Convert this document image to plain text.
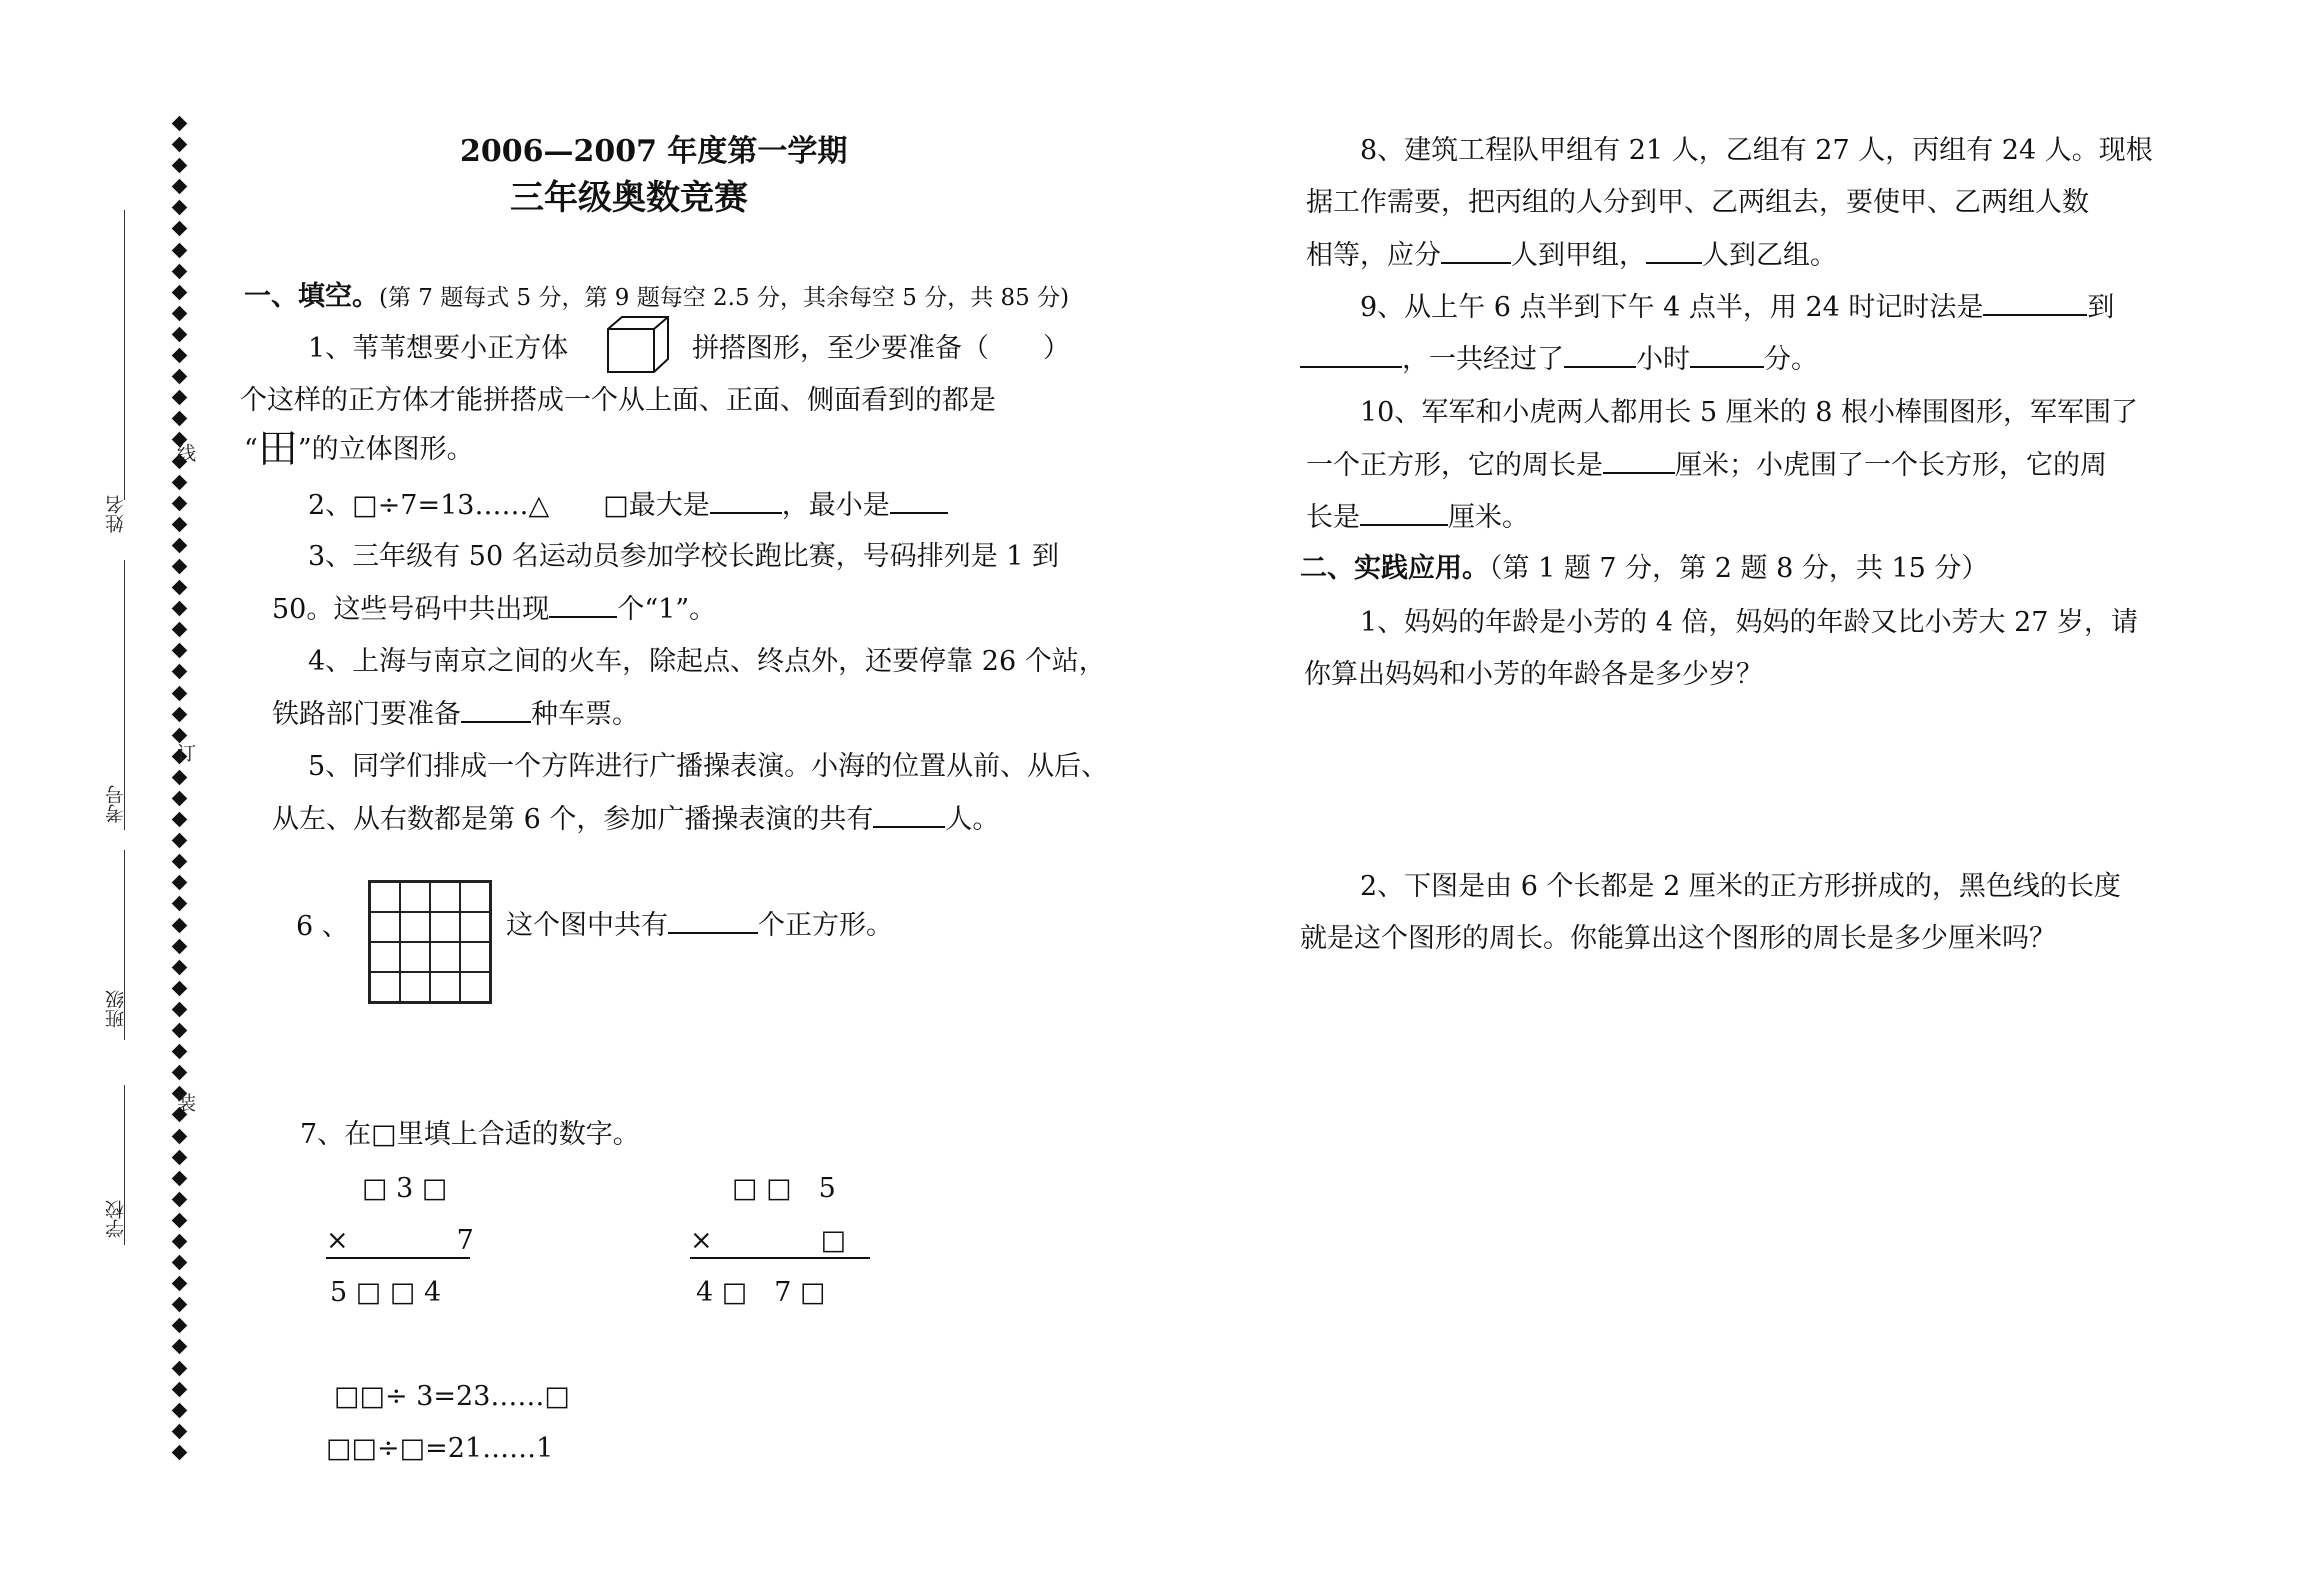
姓名
考号
班级
学校
线
订
装
2006—2007 年度第一学期
三年级奥数竞赛
一、填空。(第 7 题每式 5 分，第 9 题每空 2.5 分，其余每空 5 分，共 85 分)
1、苇苇想要小正方体	拼搭图形，至少要准备（　　）
个这样的正方体才能拼搭成一个从上面、正面、侧面看到的都是
“田”的立体图形。
2、□÷7=13……△　　□最大是	，最小是
3、三年级有 50 名运动员参加学校长跑比赛，号码排列是 1 到
50。这些号码中共出现	个“1”。
4、上海与南京之间的火车，除起点、终点外，还要停靠 26 个站，
铁路部门要准备	种车票。
5、同学们排成一个方阵进行广播操表演。小海的位置从前、从后、
从左、从右数都是第 6 个，参加广播操表演的共有	人。
6 、	这个图中共有	个正方形。
7、在□里填上合适的数字。
□ 3 □
×　　　　7
5 □ □ 4
□ □　5
×　　　　□
4 □　7 □
□□÷ 3=23……□
□□÷□=21……1
8、建筑工程队甲组有 21 人，乙组有 27 人，丙组有 24 人。现根
据工作需要，把丙组的人分到甲、乙两组去，要使甲、乙两组人数
相等，应分	人到甲组， 人到乙组。
9、从上午 6 点半到下午 4 点半，用 24 时记时法是	到
，一共经过了	小时	分。
10、军军和小虎两人都用长 5 厘米的 8 根小棒围图形，军军围了
一个正方形，它的周长是	厘米；小虎围了一个长方形，它的周
长是	厘米。
二、实践应用。（第 1 题 7 分，第 2 题 8 分，共 15 分）
1、妈妈的年龄是小芳的 4 倍，妈妈的年龄又比小芳大 27 岁，请
你算出妈妈和小芳的年龄各是多少岁？
2、下图是由 6 个长都是 2 厘米的正方形拼成的，黑色线的长度
就是这个图形的周长。你能算出这个图形的周长是多少厘米吗？
